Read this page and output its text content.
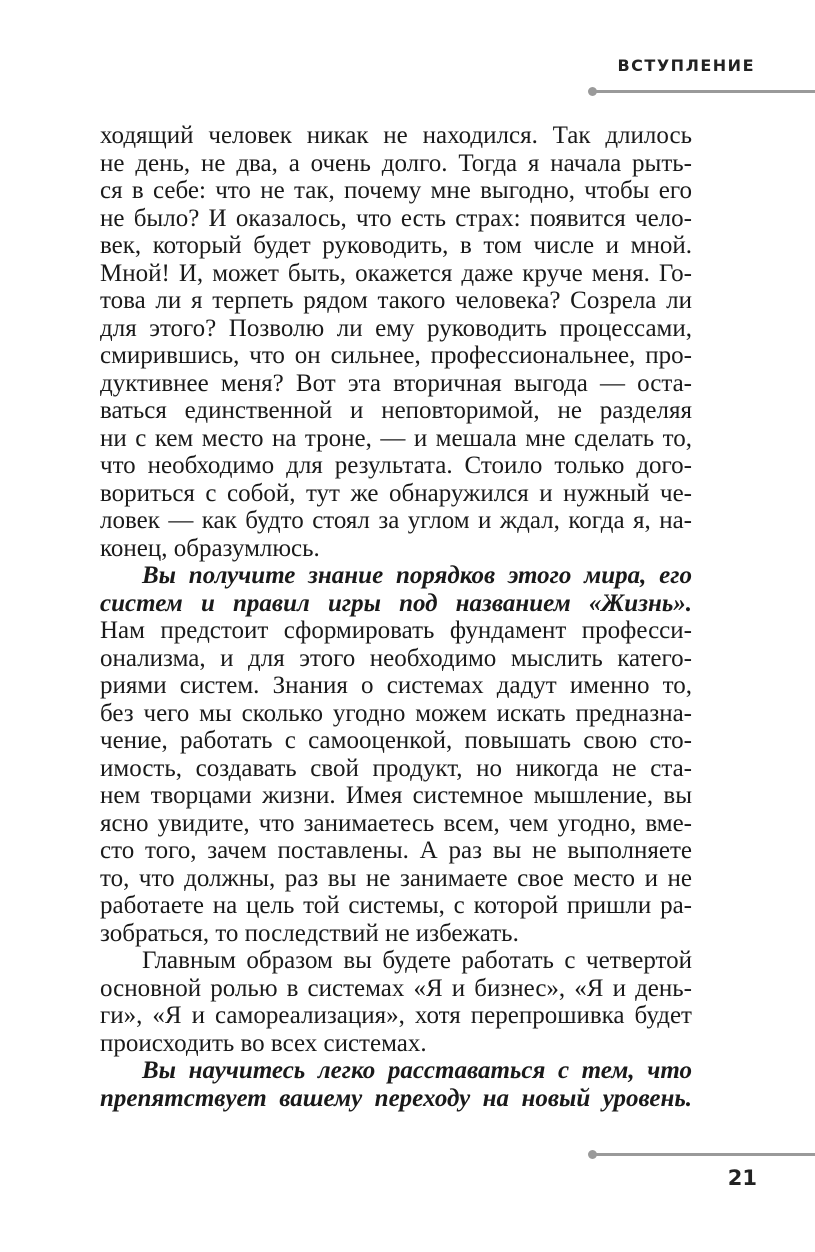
ВСТУПЛЕНИЕ
ходящий человек никак не находился. Так длилось
не день, не два, а очень долго. Тогда я начала рыть-
ся в себе: что не так, почему мне выгодно, чтобы его
не было? И оказалось, что есть страх: появится чело-
век, который будет руководить, в том числе и мной.
Мной! И, может быть, окажется даже круче меня. Го-
това ли я терпеть рядом такого человека? Созрела ли
для этого? Позволю ли ему руководить процессами,
смирившись, что он сильнее, профессиональнее, про-
дуктивнее меня? Вот эта вторичная выгода — оста-
ваться единственной и неповторимой, не разделяя
ни с кем место на троне, — и мешала мне сделать то,
что необходимо для результата. Стоило только дого-
вориться с собой, тут же обнаружился и нужный че-
ловек — как будто стоял за углом и ждал, когда я, на-
конец, образумлюсь.
Вы получите знание порядков этого мира, его
систем и правил игры под названием «Жизнь».
Нам предстоит сформировать фундамент професси-
онализма, и для этого необходимо мыслить катего-
риями систем. Знания о системах дадут именно то,
без чего мы сколько угодно можем искать предназна-
чение, работать с самооценкой, повышать свою сто-
имость, создавать свой продукт, но никогда не ста-
нем творцами жизни. Имея системное мышление, вы
ясно увидите, что занимаетесь всем, чем угодно, вме-
сто того, зачем поставлены. А раз вы не выполняете
то, что должны, раз вы не занимаете свое место и не
работаете на цель той системы, с которой пришли ра-
зобраться, то последствий не избежать.
Главным образом вы будете работать с четвертой
основной ролью в системах «Я и бизнес», «Я и день-
ги», «Я и самореализация», хотя перепрошивка будет
происходить во всех системах.
Вы научитесь легко расставаться с тем, что
препятствует вашему переходу на новый уровень.
21
